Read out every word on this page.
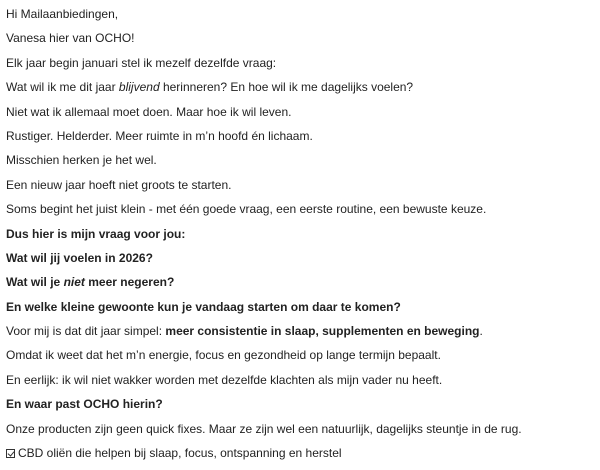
Hi Mailaanbiedingen,
Vanesa hier van OCHO!
Elk jaar begin januari stel ik mezelf dezelfde vraag:
Wat wil ik me dit jaar blijvend herinneren? En hoe wil ik me dagelijks voelen?
Niet wat ik allemaal moet doen. Maar hoe ik wil leven.
Rustiger. Helderder. Meer ruimte in m’n hoofd én lichaam.
Misschien herken je het wel.
Een nieuw jaar hoeft niet groots te starten.
Soms begint het juist klein - met één goede vraag, een eerste routine, een bewuste keuze.
Dus hier is mijn vraag voor jou:
Wat wil jij voelen in 2026?
Wat wil je niet meer negeren?
En welke kleine gewoonte kun je vandaag starten om daar te komen?
Voor mij is dat dit jaar simpel: meer consistentie in slaap, supplementen en beweging.
Omdat ik weet dat het m’n energie, focus en gezondheid op lange termijn bepaalt.
En eerlijk: ik wil niet wakker worden met dezelfde klachten als mijn vader nu heeft.
En waar past OCHO hierin?
Onze producten zijn geen quick fixes. Maar ze zijn wel een natuurlijk, dagelijks steuntje in de rug.
CBD oliën die helpen bij slaap, focus, ontspanning en herstel
